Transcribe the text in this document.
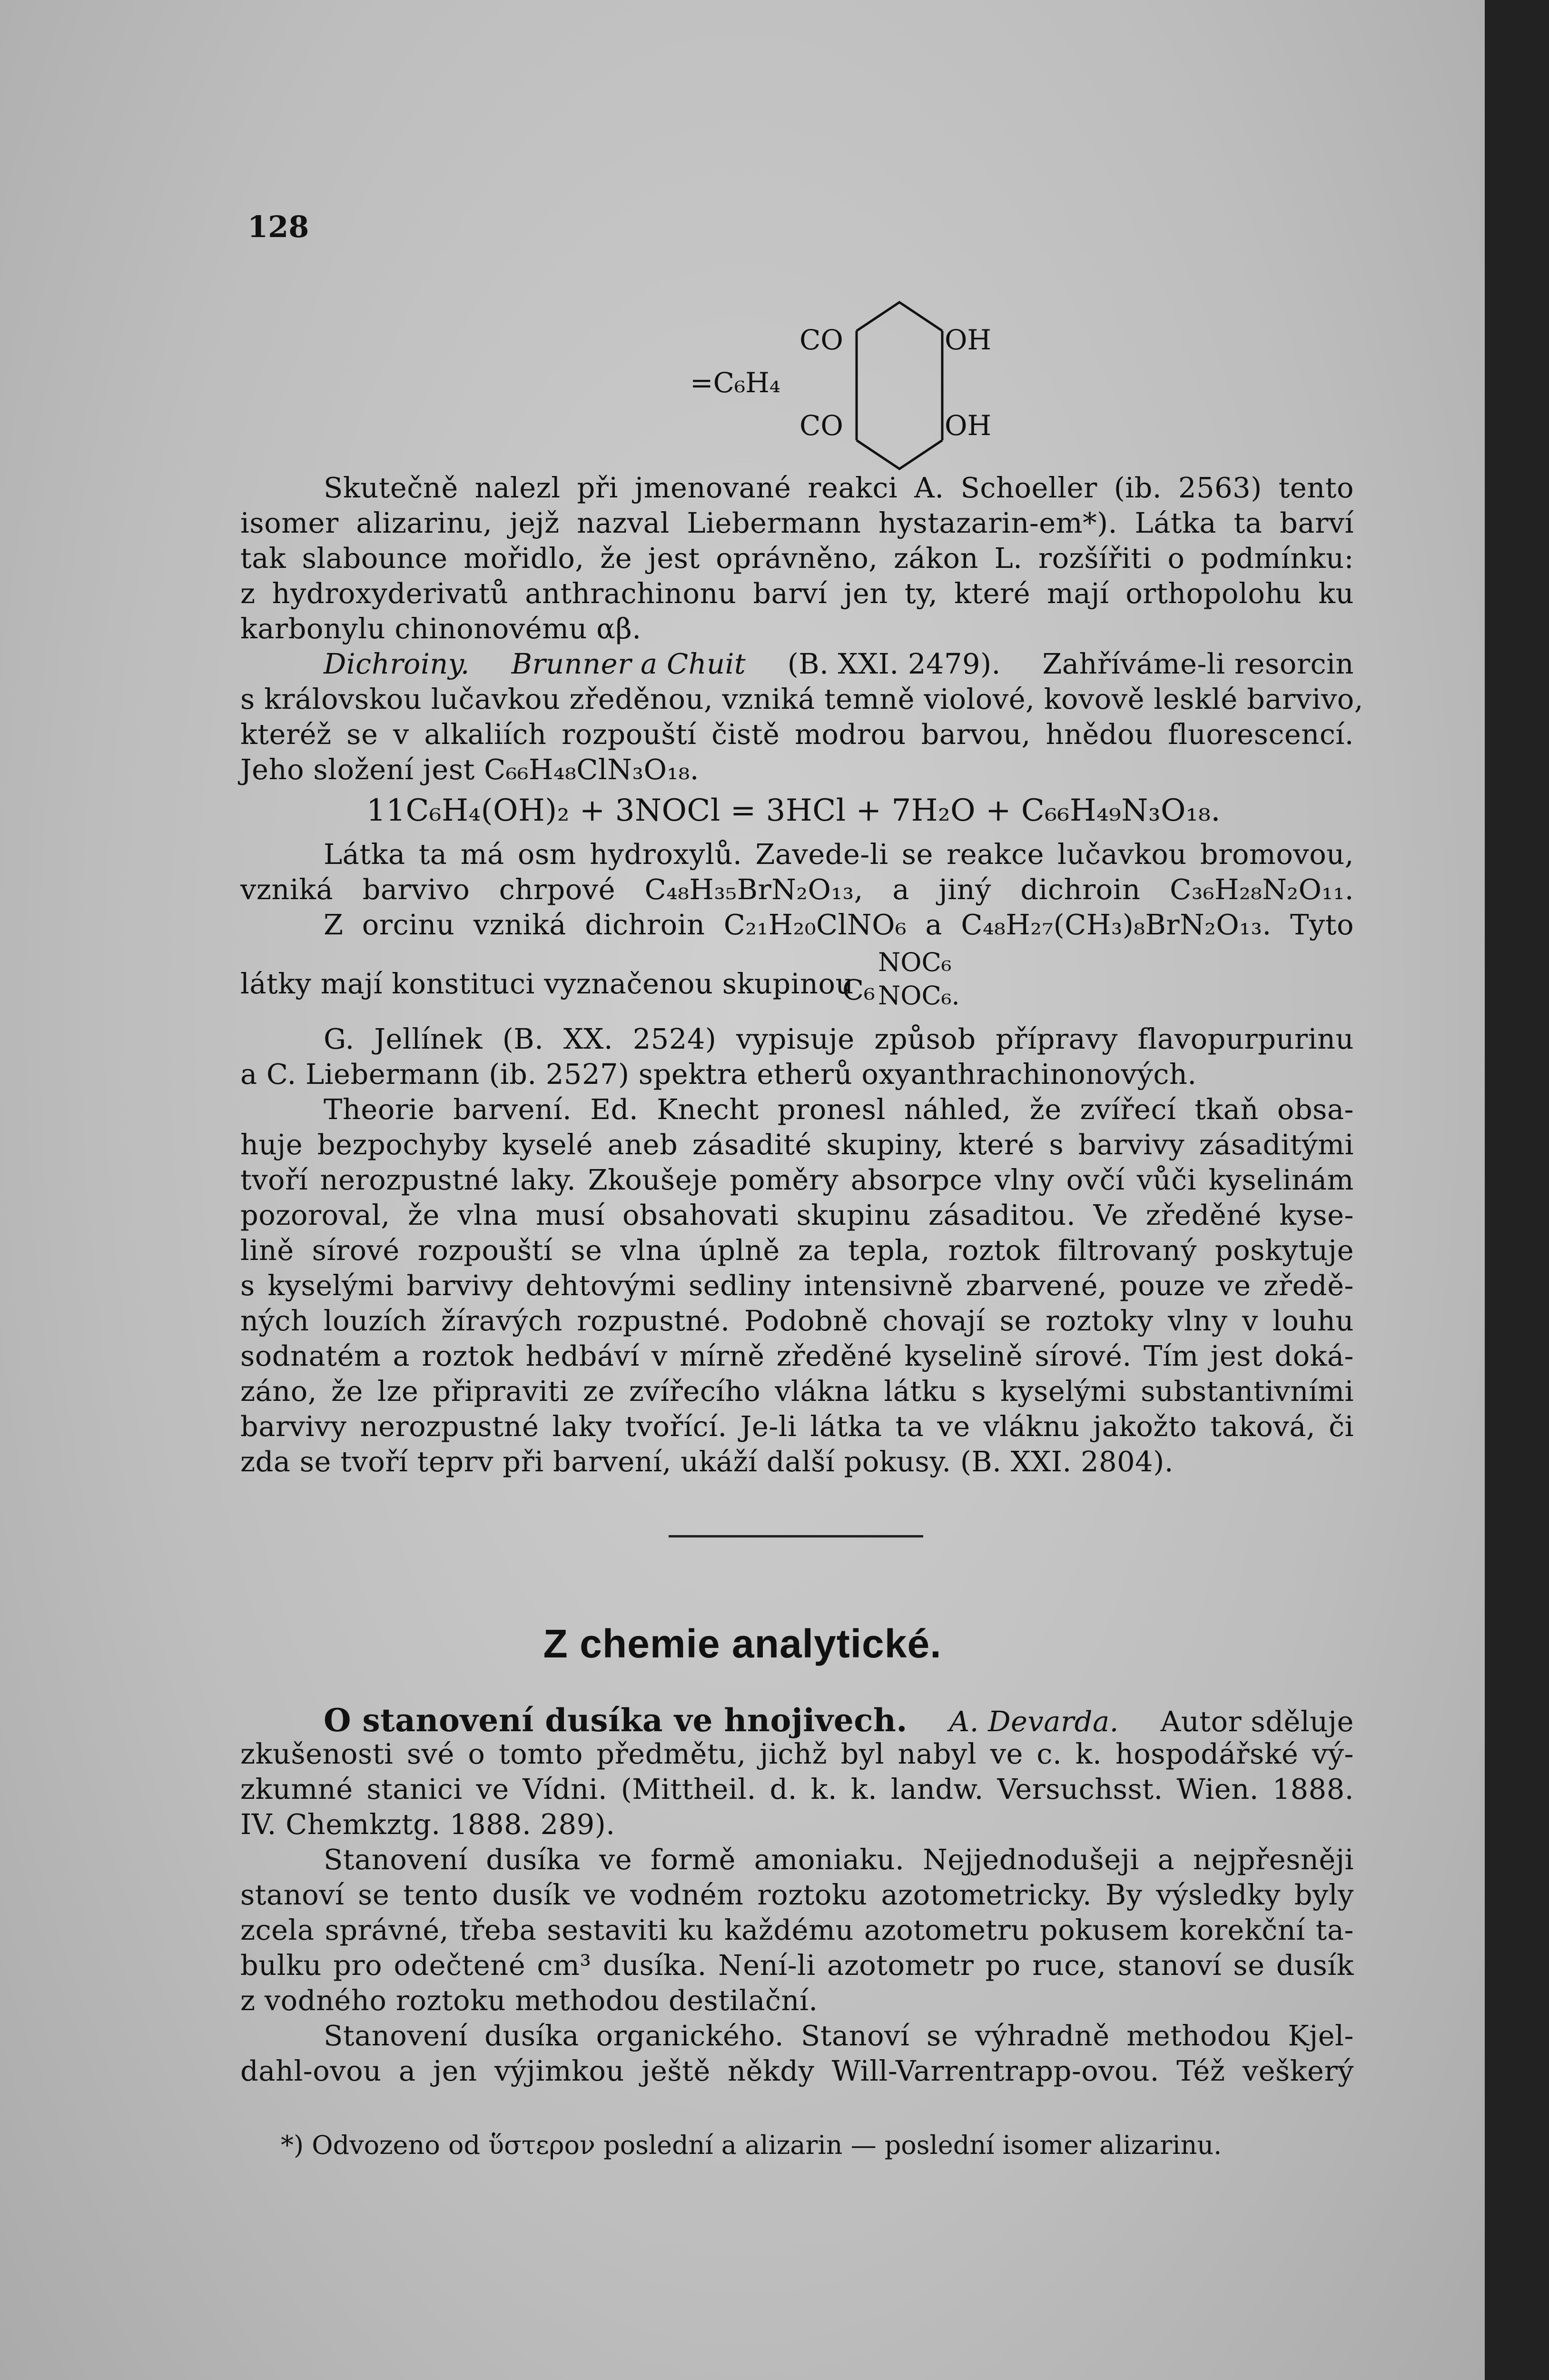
128
CO	OH
CO	OH
=C₆H₄
Skutečně nalezl při jmenované reakci A. Schoeller (ib. 2563) tento
isomer alizarinu, jejž nazval Liebermann hystazarin-em*). Látka ta barví
tak slabounce mořidlo, že jest oprávněno, zákon L. rozšířiti o podmínku:
z hydroxyderivatů anthrachinonu barví jen ty, které mají orthopolohu ku
karbonylu chinonovému αβ.
Dichroiny. Brunner a Chuit (B. XXI. 2479). Zahříváme-li resorcin
s královskou lučavkou zředěnou, vzniká temně violové, kovově lesklé barvivo,
kteréž se v alkaliích rozpouští čistě modrou barvou, hnědou fluorescencí.
Jeho složení jest C₆₆H₄₈ClN₃O₁₈.
11C₆H₄(OH)₂ + 3NOCl = 3HCl + 7H₂O + C₆₆H₄₉N₃O₁₈.
Látka ta má osm hydroxylů. Zavede-li se reakce lučavkou bromovou,
vzniká barvivo chrpové C₄₈H₃₅BrN₂O₁₃, a jiný dichroin C₃₆H₂₈N₂O₁₁.
Z orcinu vzniká dichroin C₂₁H₂₀ClNO₆ a C₄₈H₂₇(CH₃)₈BrN₂O₁₃. Tyto
látky mají konstituci vyznačenou skupinou
C₆
NOC₆
NOC₆.
G. Jellínek (B. XX. 2524) vypisuje způsob přípravy flavopurpurinu
a C. Liebermann (ib. 2527) spektra etherů oxyanthrachinonových.
Theorie barvení. Ed. Knecht pronesl náhled, že zvířecí tkaň obsa-
huje bezpochyby kyselé aneb zásadité skupiny, které s barvivy zásaditými
tvoří nerozpustné laky. Zkoušeje poměry absorpce vlny ovčí vůči kyselinám
pozoroval, že vlna musí obsahovati skupinu zásaditou. Ve zředěné kyse-
lině sírové rozpouští se vlna úplně za tepla, roztok filtrovaný poskytuje
s kyselými barvivy dehtovými sedliny intensivně zbarvené, pouze ve zředě-
ných louzích žíravých rozpustné. Podobně chovají se roztoky vlny v louhu
sodnatém a roztok hedbáví v mírně zředěné kyselině sírové. Tím jest doká-
záno, že lze připraviti ze zvířecího vlákna látku s kyselými substantivními
barvivy nerozpustné laky tvořící. Je-li látka ta ve vláknu jakožto taková, či
zda se tvoří teprv při barvení, ukáží další pokusy. (B. XXI. 2804).
Z chemie analytické.
O stanovení dusíka ve hnojivech. A. Devarda. Autor sděluje
zkušenosti své o tomto předmětu, jichž byl nabyl ve c. k. hospodářské vý-
zkumné stanici ve Vídni. (Mittheil. d. k. k. landw. Versuchsst. Wien. 1888.
IV. Chemkztg. 1888. 289).
Stanovení dusíka ve formě amoniaku. Nejjednodušeji a nejpřesněji
stanoví se tento dusík ve vodném roztoku azotometricky. By výsledky byly
zcela správné, třeba sestaviti ku každému azotometru pokusem korekční ta-
bulku pro odečtené cm³ dusíka. Není-li azotometr po ruce, stanoví se dusík
z vodného roztoku methodou destilační.
Stanovení dusíka organického. Stanoví se výhradně methodou Kjel-
dahl-ovou a jen výjimkou ještě někdy Will-Varrentrapp-ovou. Též veškerý
*) Odvozeno od ὕστερον poslední a alizarin — poslední isomer alizarinu.
